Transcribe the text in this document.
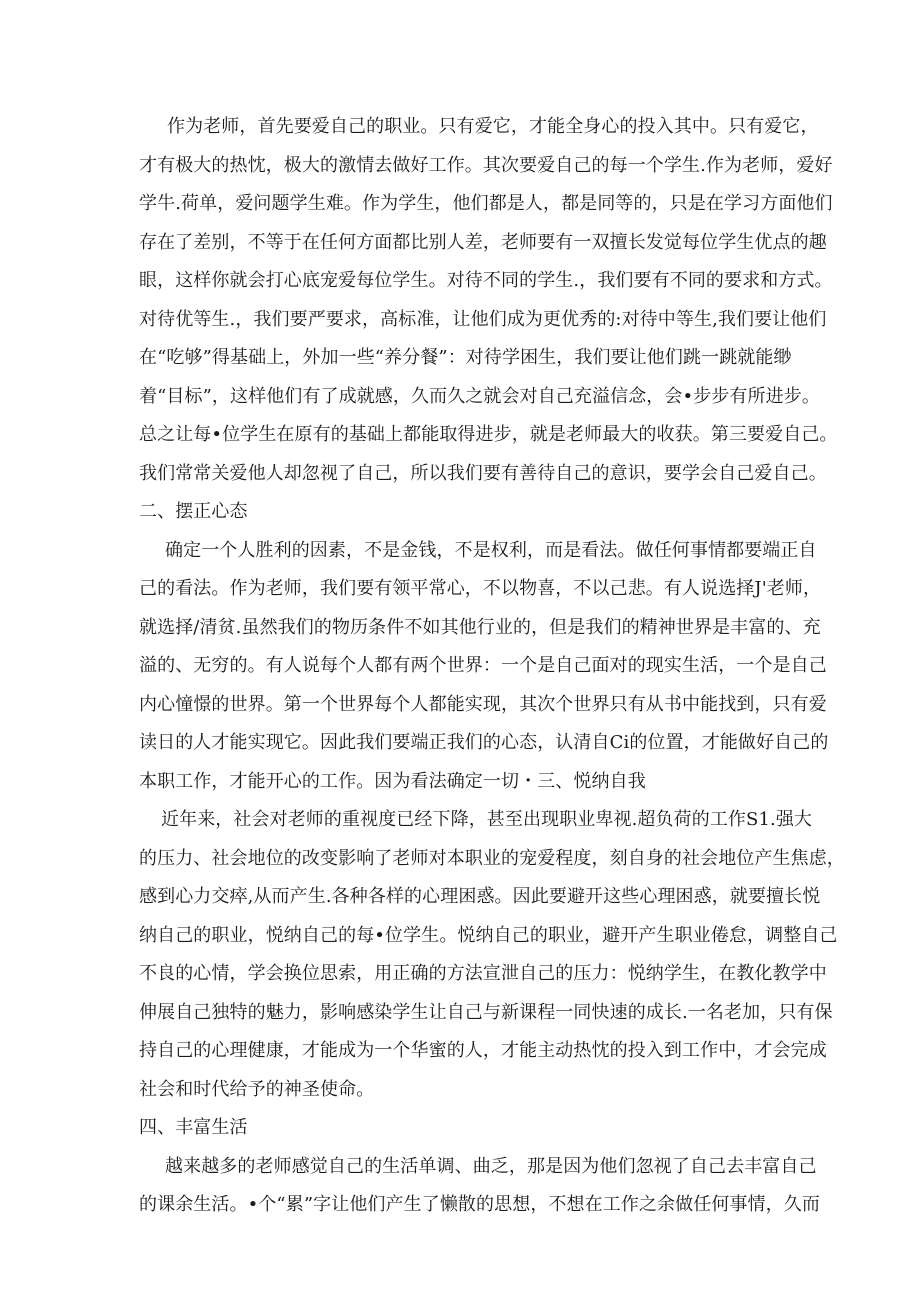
作为老师，首先要爱自己的职业。只有爱它，才能全身心的投入其中。只有爱它，
才有极大的热忱，极大的激情去做好工作。其次要爱自己的每一个学生.作为老师，爱好
学牛.荷单，爱问题学生难。作为学生，他们都是人，都是同等的，只是在学习方面他们
存在了差别，不等于在任何方面都比别人差，老师要有一双擅长发觉每位学生优点的趣
眼，这样你就会打心底宠爱每位学生。对待不同的学生.，我们要有不同的要求和方式。
对待优等生.，我们要严要求，高标准，让他们成为更优秀的:对待中等生,我们要让他们
在“吃够”得基础上，外加一些“养分餐”：对待学困生，我们要让他们跳一跳就能缈
着“目标”，这样他们有了成就感，久而久之就会对自己充溢信念，会•步步有所进步。
总之让每•位学生在原有的基础上都能取得进步，就是老师最大的收获。第三要爱自己。
我们常常关爱他人却忽视了自己，所以我们要有善待自己的意识，要学会自己爱自己。
二、摆正心态
确定一个人胜利的因素，不是金钱，不是权利，而是看法。做任何事情都要端正自
己的看法。作为老师，我们要有领平常心，不以物喜，不以己悲。有人说选择J'老师，
就选择/清贫.虽然我们的物历条件不如其他行业的，但是我们的精神世界是丰富的、充
溢的、无穷的。有人说每个人都有两个世界：一个是自己面对的现实生活，一个是自己
内心憧憬的世界。第一个世界每个人都能实现，其次个世界只有从书中能找到，只有爱
读日的人才能实现它。因此我们要端正我们的心态，认清自Ci的位置，才能做好自己的
本职工作，才能开心的工作。因为看法确定一切・三、悦纳自我
近年来，社会对老师的重视度已经下降，甚至出现职业卑视.超负荷的工作S1.强大
的压力、社会地位的改变影响了老师对本职业的宠爱程度，刻自身的社会地位产生焦虑，
感到心力交瘁,从而产生.各种各样的心理困惑。因此要避开这些心理困惑，就要擅长悦
纳自己的职业，悦纳自己的每•位学生。悦纳自己的职业，避开产生职业倦怠，调整自己
不良的心情，学会换位思索，用正确的方法宣泄自己的压力：悦纳学生，在教化教学中
伸展自己独特的魅力，影响感染学生让自己与新课程一同快速的成长.一名老加，只有保
持自己的心理健康，才能成为一个华蜜的人，才能主动热忱的投入到工作中，才会完成
社会和时代给予的神圣使命。
四、丰富生活
越来越多的老师感觉自己的生活单调、曲乏，那是因为他们忽视了自己去丰富自己
的课余生活。•个“累”字让他们产生了懒散的思想，不想在工作之余做任何事情，久而
